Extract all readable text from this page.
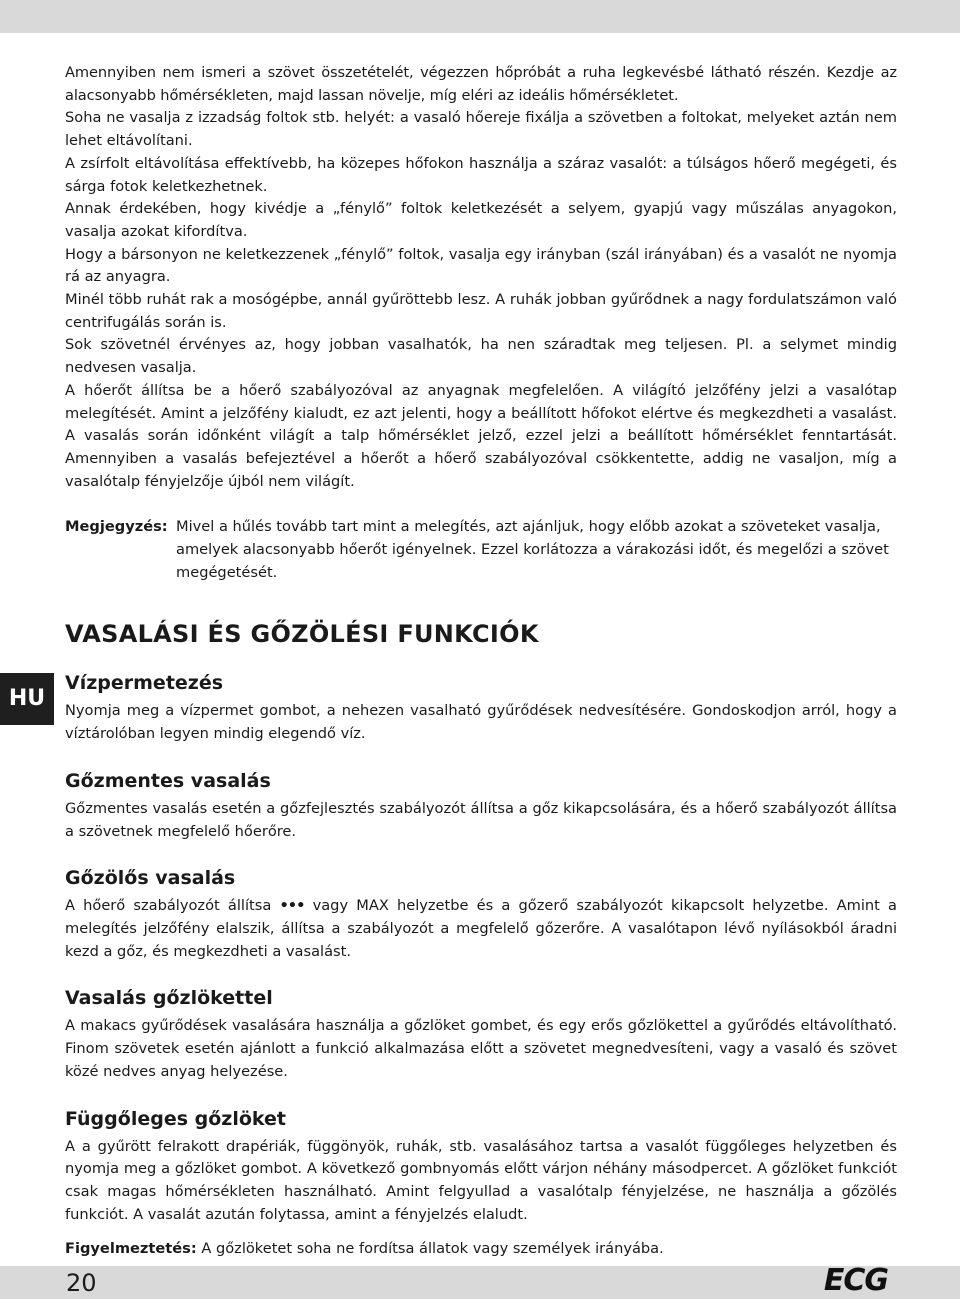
HU

Amennyiben nem ismeri a szövet összetételét, végezzen hőpróbát a ruha legkevésbé látható részén. Kezdje az alacsonyabb hőmérsékleten, majd lassan növelje, míg eléri az ideális hőmérsékletet.

Soha ne vasalja z izzadság foltok stb. helyét: a vasaló hőereje fixálja a szövetben a foltokat, melyeket aztán nem lehet eltávolítani.

A zsírfolt eltávolítása effektívebb, ha közepes hőfokon használja a száraz vasalót: a túlságos hőerő megégeti, és sárga fotok keletkezhetnek.

Annak érdekében, hogy kivédje a „fénylő” foltok keletkezését a selyem, gyapjú vagy műszálas anyagokon, vasalja azokat kifordítva.

Hogy a bársonyon ne keletkezzenek „fénylő” foltok, vasalja egy irányban (szál irányában) és a vasalót ne nyomja rá az anyagra.

Minél több ruhát rak a mosógépbe, annál gyűröttebb lesz. A ruhák jobban gyűrődnek a nagy fordulatszámon való centrifugálás során is.

Sok szövetnél érvényes az, hogy jobban vasalhatók, ha nen száradtak meg teljesen. Pl. a selymet mindig nedvesen vasalja.

A hőerőt állítsa be a hőerő szabályozóval az anyagnak megfelelően. A világító jelzőfény jelzi a vasalótap melegítését. Amint a jelzőfény kialudt, ez azt jelenti, hogy a beállított hőfokot elértve és megkezdheti a vasalást. A vasalás során időnként világít a talp hőmérséklet jelző, ezzel jelzi a beállított hőmérséklet fenntartását. Amennyiben a vasalás befejeztével a hőerőt a hőerő szabályozóval csökkentette, addig ne vasaljon, míg a vasalótalp fényjelzője újból nem világít.

Megjegyzés: Mivel a hűlés tovább tart mint a melegítés, azt ajánljuk, hogy előbb azokat a szöveteket vasalja, amelyek alacsonyabb hőerőt igényelnek. Ezzel korlátozza a várakozási időt, és megelőzi a szövet megégetését.
VASALÁSI ÉS GŐZÖLÉSI FUNKCIÓK
Vízpermetezés

Nyomja meg a vízpermet gombot, a nehezen vasalható gyűrődések nedvesítésére. Gondoskodjon arról, hogy a víztárolóban legyen mindig elegendő víz.

Gőzmentes vasalás

Gőzmentes vasalás esetén a gőzfejlesztés szabályozót állítsa a gőz kikapcsolására, és a hőerő szabályozót állítsa a szövetnek megfelelő hőerőre.

Gőzölős vasalás

A hőerő szabályozót állítsa ••• vagy MAX helyzetbe és a gőzerő szabályozót kikapcsolt helyzetbe. Amint a melegítés jelzőfény elalszik, állítsa a szabályozót a megfelelő gőzerőre. A vasalótapon lévő nyílásokból áradni kezd a gőz, és megkezdheti a vasalást.

Vasalás gőzlökettel

A makacs gyűrődések vasalására használja a gőzlöket gombet, és egy erős gőzlökettel a gyűrődés eltávolítható. Finom szövetek esetén ajánlott a funkció alkalmazása előtt a szövetet megnedvesíteni, vagy a vasaló és szövet közé nedves anyag helyezése.

Függőleges gőzlöket

A a gyűrött felrakott drapériák, függönyök, ruhák, stb. vasalásához tartsa a vasalót függőleges helyzetben és nyomja meg a gőzlöket gombot. A következő gombnyomás előtt várjon néhány másodpercet. A gőzlöket funkciót csak magas hőmérsékleten használható. Amint felgyullad a vasalótalp fényjelzése, ne használja a gőzölés funkciót. A vasalát azután folytassa, amint a fényjelzés elaludt.

Figyelmeztetés: A gőzlöketet soha ne fordítsa állatok vagy személyek irányába.

20	ECG
